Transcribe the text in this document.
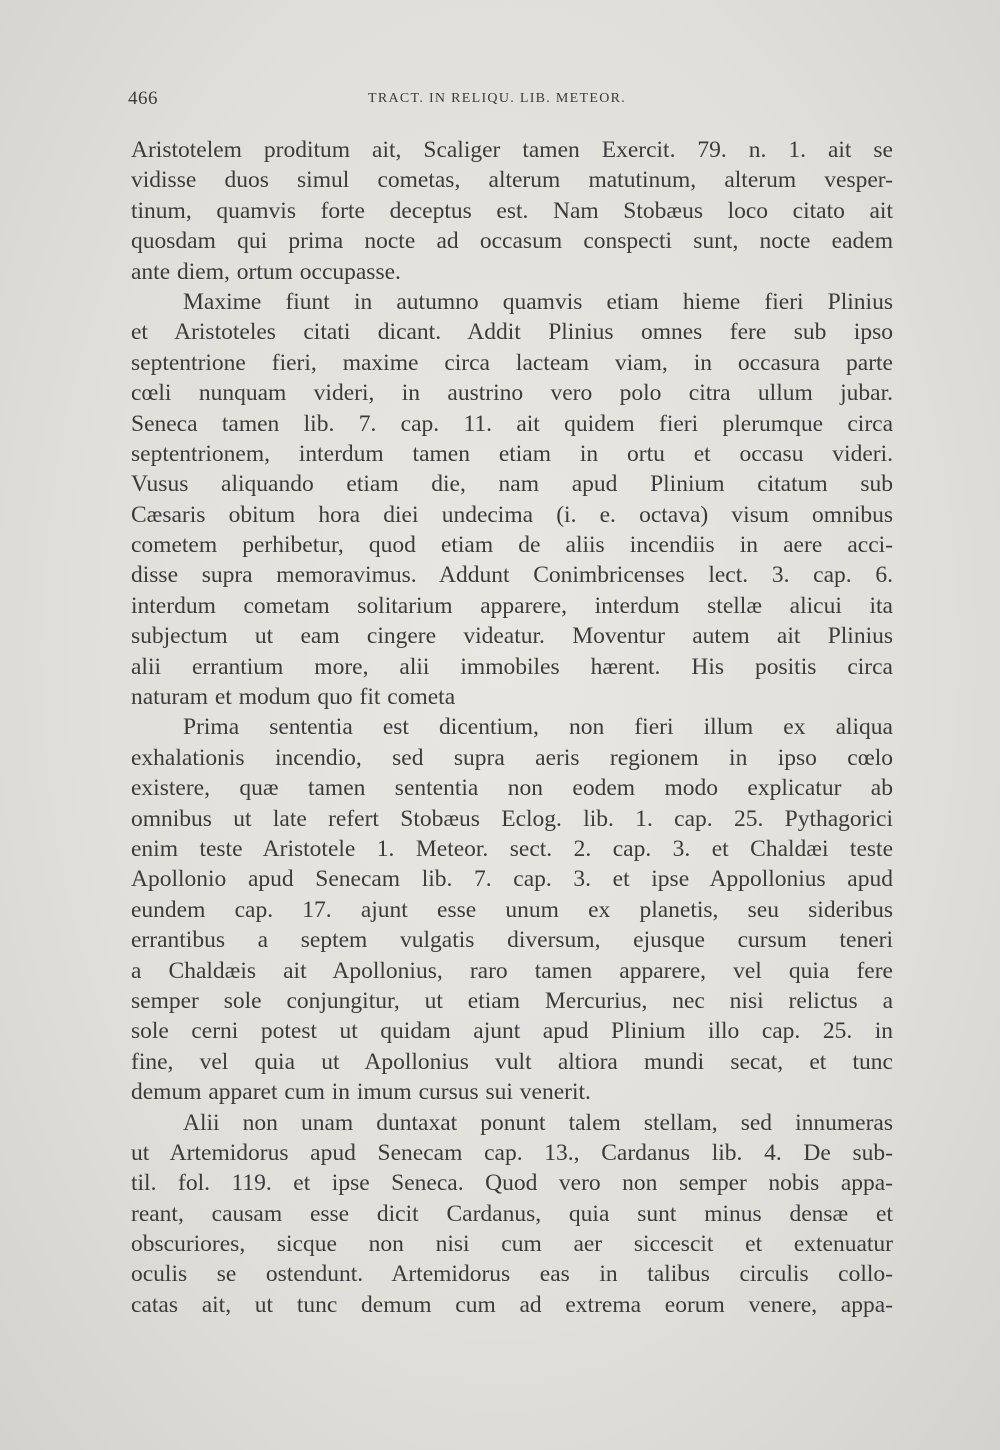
466	TRACT. IN RELIQU. LIB. METEOR.
Aristotelem proditum ait, Scaliger tamen Exercit. 79. n. 1. ait se
vidisse duos simul cometas, alterum matutinum, alterum vesper-
tinum, quamvis forte deceptus est. Nam Stobæus loco citato ait
quosdam qui prima nocte ad occasum conspecti sunt, nocte eadem
ante diem, ortum occupasse.
Maxime fiunt in autumno quamvis etiam hieme fieri Plinius
et Aristoteles citati dicant. Addit Plinius omnes fere sub ipso
septentrione fieri, maxime circa lacteam viam, in occasura parte
cœli nunquam videri, in austrino vero polo citra ullum jubar.
Seneca tamen lib. 7. cap. 11. ait quidem fieri plerumque circa
septentrionem, interdum tamen etiam in ortu et occasu videri.
Vusus aliquando etiam die, nam apud Plinium citatum sub
Cæsaris obitum hora diei undecima (i. e. octava) visum omnibus
cometem perhibetur, quod etiam de aliis incendiis in aere acci-
disse supra memoravimus. Addunt Conimbricenses lect. 3. cap. 6.
interdum cometam solitarium apparere, interdum stellæ alicui ita
subjectum ut eam cingere videatur. Moventur autem ait Plinius
alii errantium more, alii immobiles hærent. His positis circa
naturam et modum quo fit cometa
Prima sententia est dicentium, non fieri illum ex aliqua
exhalationis incendio, sed supra aeris regionem in ipso cœlo
existere, quæ tamen sententia non eodem modo explicatur ab
omnibus ut late refert Stobæus Eclog. lib. 1. cap. 25. Pythagorici
enim teste Aristotele 1. Meteor. sect. 2. cap. 3. et Chaldæi teste
Apollonio apud Senecam lib. 7. cap. 3. et ipse Appollonius apud
eundem cap. 17. ajunt esse unum ex planetis, seu sideribus
errantibus a septem vulgatis diversum, ejusque cursum teneri
a Chaldæis ait Apollonius, raro tamen apparere, vel quia fere
semper sole conjungitur, ut etiam Mercurius, nec nisi relictus a
sole cerni potest ut quidam ajunt apud Plinium illo cap. 25. in
fine, vel quia ut Apollonius vult altiora mundi secat, et tunc
demum apparet cum in imum cursus sui venerit.
Alii non unam duntaxat ponunt talem stellam, sed innumeras
ut Artemidorus apud Senecam cap. 13., Cardanus lib. 4. De sub-
til. fol. 119. et ipse Seneca. Quod vero non semper nobis appa-
reant, causam esse dicit Cardanus, quia sunt minus densæ et
obscuriores, sicque non nisi cum aer siccescit et extenuatur
oculis se ostendunt. Artemidorus eas in talibus circulis collo-
catas ait, ut tunc demum cum ad extrema eorum venere, appa-
